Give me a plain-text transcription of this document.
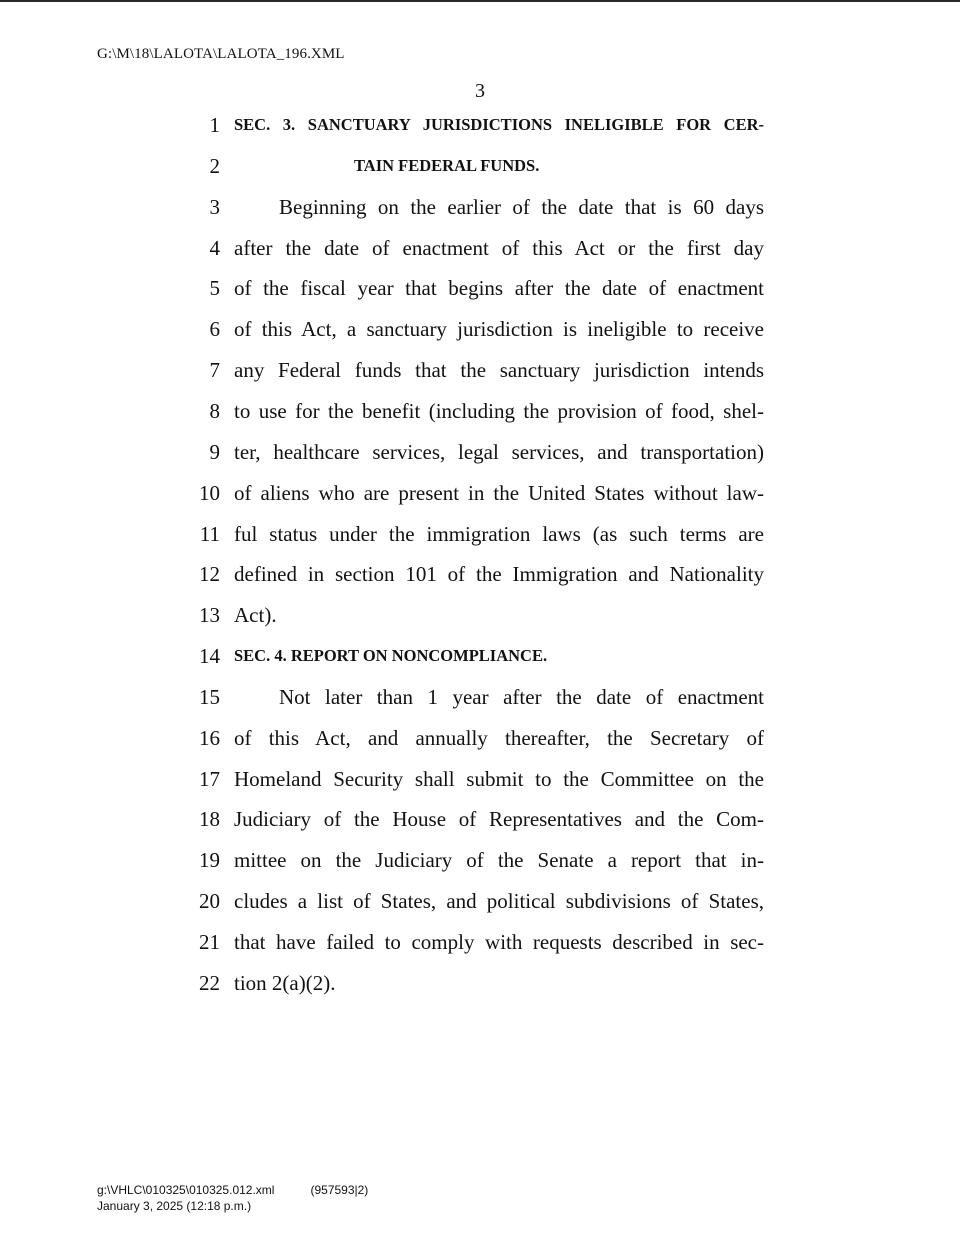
G:\M\18\LALOTA\LALOTA_196.XML
3
1 SEC. 3. SANCTUARY JURISDICTIONS INELIGIBLE FOR CER-
2	TAIN FEDERAL FUNDS.
3	Beginning on the earlier of the date that is 60 days
4 after the date of enactment of this Act or the first day
5 of the fiscal year that begins after the date of enactment
6 of this Act, a sanctuary jurisdiction is ineligible to receive
7 any Federal funds that the sanctuary jurisdiction intends
8 to use for the benefit (including the provision of food, shel-
9 ter, healthcare services, legal services, and transportation)
10 of aliens who are present in the United States without law-
11 ful status under the immigration laws (as such terms are
12 defined in section 101 of the Immigration and Nationality
13 Act).
14 SEC. 4. REPORT ON NONCOMPLIANCE.
15	Not later than 1 year after the date of enactment
16 of this Act, and annually thereafter, the Secretary of
17 Homeland Security shall submit to the Committee on the
18 Judiciary of the House of Representatives and the Com-
19 mittee on the Judiciary of the Senate a report that in-
20 cludes a list of States, and political subdivisions of States,
21 that have failed to comply with requests described in sec-
22 tion 2(a)(2).
g:\VHLC\010325\010325.012.xml	(957593|2)
January 3, 2025 (12:18 p.m.)
